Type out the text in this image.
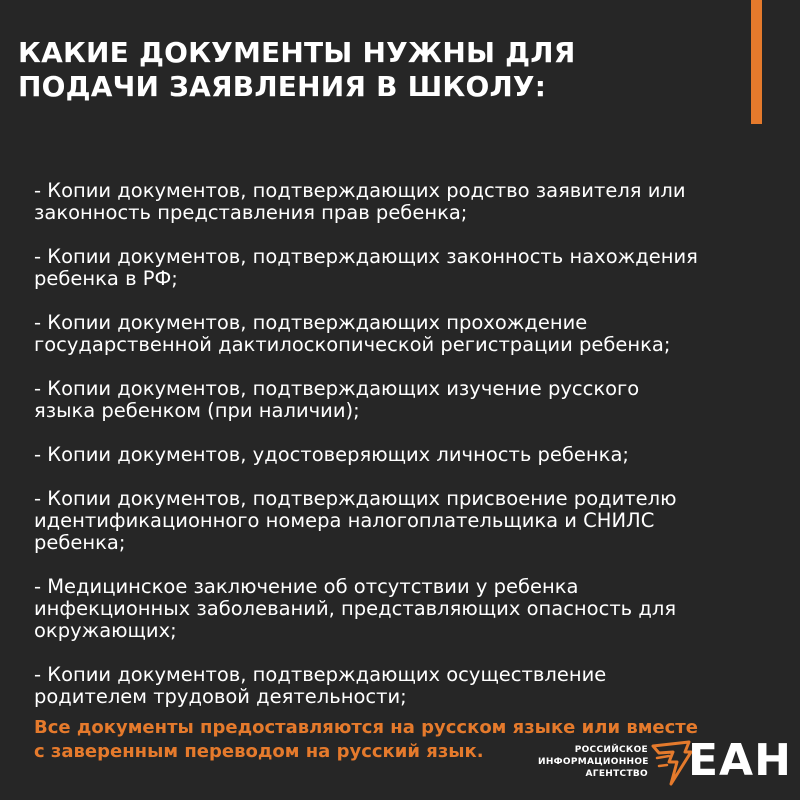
КАКИЕ ДОКУМЕНТЫ НУЖНЫ ДЛЯ
ПОДАЧИ ЗАЯВЛЕНИЯ В ШКОЛУ:
- Копии документов, подтверждающих родство заявителя или
законность представления прав ребенка;
- Копии документов, подтверждающих законность нахождения
ребенка в РФ;
- Копии документов, подтверждающих прохождение
государственной дактилоскопической регистрации ребенка;
- Копии документов, подтверждающих изучение русского
языка ребенком (при наличии);
- Копии документов, удостоверяющих личность ребенка;
- Копии документов, подтверждающих присвоение родителю
идентификационного номера налогоплательщика и СНИЛС
ребенка;
- Медицинское заключение об отсутствии у ребенка
инфекционных заболеваний, представляющих опасность для
окружающих;
- Копии документов, подтверждающих осуществление
родителем трудовой деятельности;

Все документы предоставляются на русском языке или вместе
с заверенным переводом на русский язык.	РОССИЙСКОЕ
ИНФОРМАЦИОННОЕ
АГЕНТСТВО ЕАН
